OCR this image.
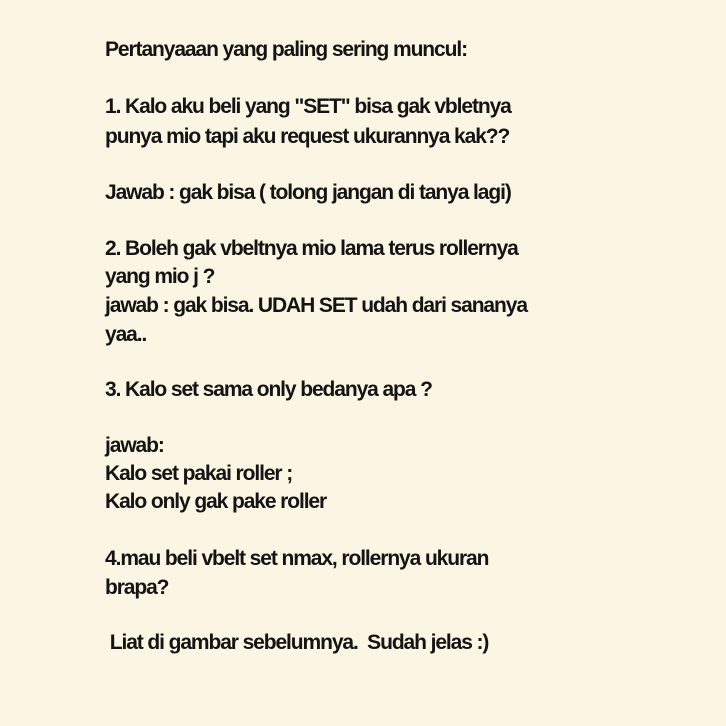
Pertanyaaan yang paling sering muncul:

1. Kalo aku beli yang "SET" bisa gak vbletnya

punya mio tapi aku request ukurannya kak??

Jawab : gak bisa ( tolong jangan di tanya lagi)

2. Boleh gak vbeltnya mio lama terus rollernya

yang mio j ?

jawab : gak bisa. UDAH SET udah dari sananya

yaa..

3. Kalo set sama only bedanya apa ?

jawab:

Kalo set pakai roller ;

Kalo only gak pake roller

4.mau beli vbelt set nmax, rollernya ukuran

brapa?

Liat di gambar sebelumnya.  Sudah jelas :)
